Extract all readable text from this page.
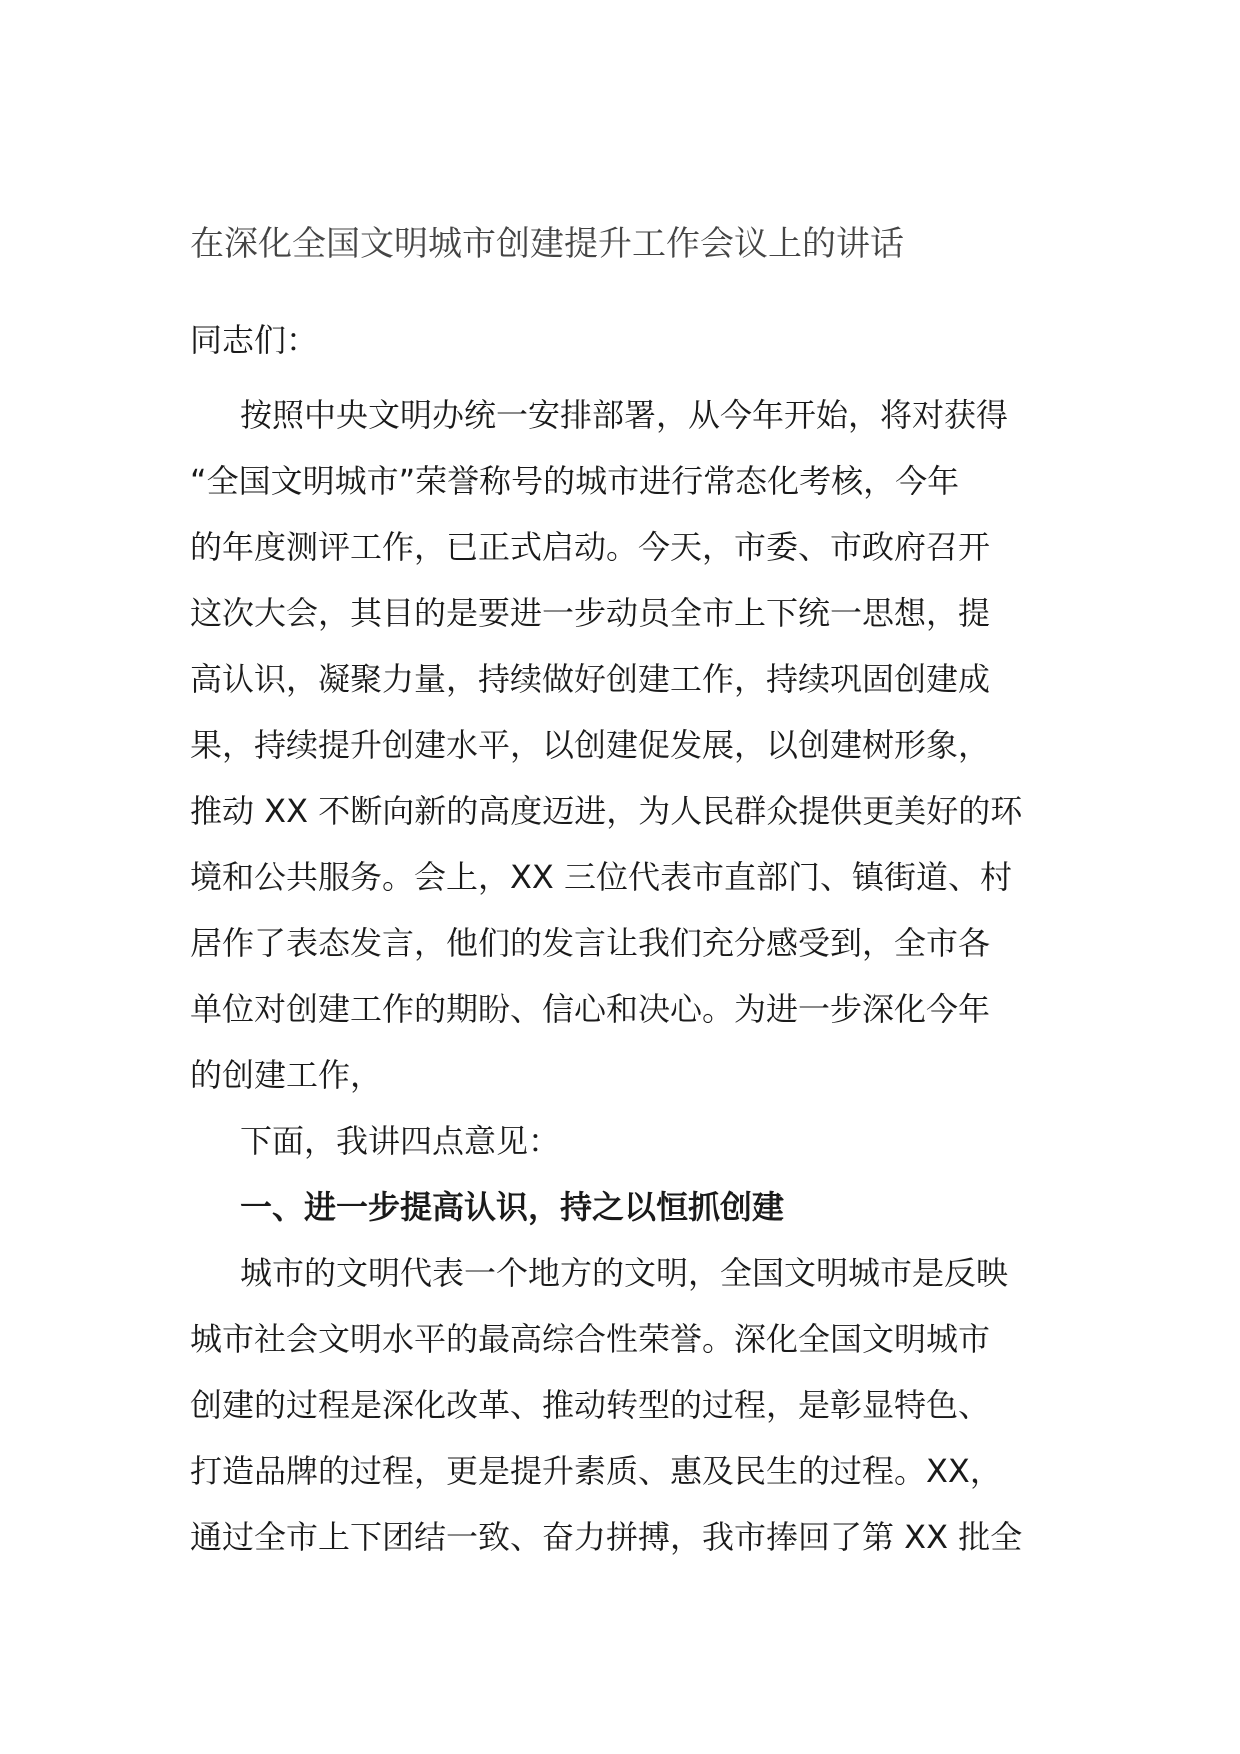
在深化全国文明城市创建提升工作会议上的讲话

同志们：

按照中央文明办统一安排部署，从今年开始，将对获得

“全国文明城市”荣誉称号的城市进行常态化考核，今年

的年度测评工作，已正式启动。今天，市委、市政府召开

这次大会，其目的是要进一步动员全市上下统一思想，提

高认识，凝聚力量，持续做好创建工作，持续巩固创建成

果，持续提升创建水平，以创建促发展，以创建树形象，

推动 XX 不断向新的高度迈进，为人民群众提供更美好的环

境和公共服务。会上，XX 三位代表市直部门、镇街道、村

居作了表态发言，他们的发言让我们充分感受到，全市各

单位对创建工作的期盼、信心和决心。为进一步深化今年

的创建工作，

下面，我讲四点意见：

一、进一步提高认识，持之以恒抓创建

城市的文明代表一个地方的文明，全国文明城市是反映

城市社会文明水平的最高综合性荣誉。深化全国文明城市

创建的过程是深化改革、推动转型的过程，是彰显特色、

打造品牌的过程，更是提升素质、惠及民生的过程。XX，

通过全市上下团结一致、奋力拼搏，我市捧回了第 XX 批全
